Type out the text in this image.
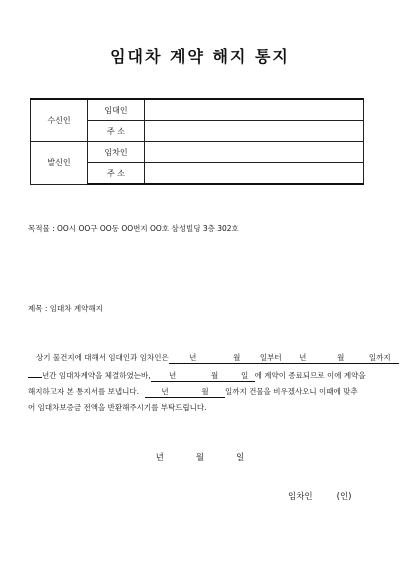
임대차 계약 해지 통지
수신인	임대인	
	주 소	
발신인	임차인	
	주 소	
목적물 : OO시 OO구 OO동 OO번지 OO호 삼성빌딩 3층 302호
제목 : 임대차 계약해지

상기 물건지에 대해서 임대인과 임차인은	년	월	일부터 년	월	일까지

년간 임대차계약을 체결하였는바, 년	월	일 에 계약이 종료되므로 이에 계약을

해지하고자 본 통지서를 보냅니다.	년	월 일까지 건물을 비우겠사오니 이때에 맞추

어 임대차보증금 전액을 반환해주시기를 부탁드립니다.

년	월	일
임차인	(인)
